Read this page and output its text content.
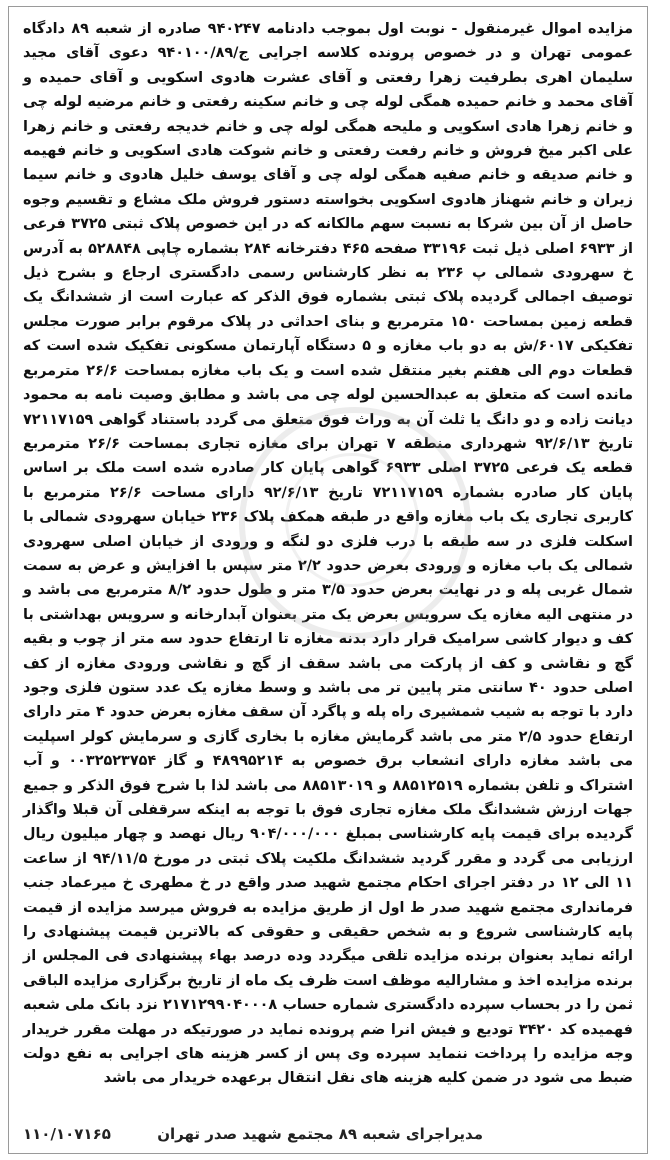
مزایده اموال غیرمنقول - نوبت اول بموجب دادنامه ۹۴۰۲۴۷ صادره از شعبه ۸۹ دادگاه عمومی تهران و در خصوص پرونده کلاسه اجرایی ج/۹۴۰۱۰۰/۸۹ دعوی آقای مجید سلیمان اهری بطرفیت زهرا رفعتی و آقای عشرت هادوی اسکویی و آقای حمیده و آقای محمد و خانم حمیده همگی لوله چی و خانم سکینه رفعتی و خانم مرضیه لوله چی و خانم زهرا هادی اسکویی و ملیحه همگی لوله چی و خانم خدیجه رفعتی و خانم زهرا علی اکبر میخ فروش و خانم رفعت رفعتی و خانم شوکت هادی اسکویی و خانم فهیمه و خانم صدیقه و خانم صفیه همگی لوله چی و آقای یوسف خلیل هادوی و خانم سیما زیران و خانم شهناز هادوی اسکویی بخواسته دستور فروش ملک مشاع و تقسیم وجوه حاصل از آن بین شرکا به نسبت سهم مالکانه که در این خصوص پلاک ثبتی ۳۷۲۵ فرعی از ۶۹۳۳ اصلی ذیل ثبت ۳۳۱۹۶ صفحه ۴۶۵ دفترخانه ۲۸۴ بشماره چاپی ۵۲۸۸۴۸ به آدرس خ سهرودی شمالی پ ۲۳۶ به نظر کارشناس رسمی دادگستری ارجاع و بشرح ذیل توصیف اجمالی گردیده پلاک ثبتی بشماره فوق الذکر که عبارت است از ششدانگ یک قطعه زمین بمساحت ۱۵۰ مترمربع و بنای احداثی در پلاک مرقوم برابر صورت مجلس تفکیکی ۶۰۱۷/ش به دو باب مغازه و ۵ دستگاه آپارتمان مسکونی تفکیک شده است که قطعات دوم الی هفتم بغیر منتقل شده است و یک باب مغازه بمساحت ۲۶/۶ مترمربع مانده است که متعلق به عبدالحسین لوله چی می باشد و مطابق وصیت نامه به محمود دیانت زاده و دو دانگ یا ثلث آن به وراث فوق متعلق می گردد باستناد گواهی ۷۲۱۱۷۱۵۹ تاریخ ۹۲/۶/۱۳ شهرداری منطقه ۷ تهران برای مغازه تجاری بمساحت ۲۶/۶ مترمربع قطعه یک فرعی ۳۷۲۵ اصلی ۶۹۳۳ گواهی پایان کار صادره شده است ملک بر اساس پایان کار صادره بشماره ۷۲۱۱۷۱۵۹ تاریخ ۹۲/۶/۱۳ دارای مساحت ۲۶/۶ مترمربع با کاربری تجاری یک باب مغازه واقع در طبقه همکف پلاک ۲۳۶ خیابان سهرودی شمالی با اسکلت فلزی در سه طبقه با درب فلزی دو لنگه و ورودی از خیابان اصلی سهرودی شمالی یک باب مغازه و ورودی بعرض حدود ۲/۲ متر سپس با افزایش و عرض به سمت شمال غربی پله و در نهایت بعرض حدود ۳/۵ متر و طول حدود ۸/۲ مترمربع می باشد و در منتهی الیه مغازه یک سرویس بعرض یک متر بعنوان آبدارخانه و سرویس بهداشتی با کف و دیوار کاشی سرامیک قرار دارد بدنه مغازه تا ارتفاع حدود سه متر از چوب و بقیه گچ و نقاشی و کف از پارکت می باشد سقف از گچ و نقاشی ورودی مغازه از کف اصلی حدود ۴۰ سانتی متر پایین تر می باشد و وسط مغازه یک عدد ستون فلزی وجود دارد با توجه به شیب شمشیری راه پله و پاگرد آن سقف مغازه بعرض حدود ۴ متر دارای ارتفاع حدود ۲/۵ متر می باشد گرمایش مغازه با بخاری گازی و سرمایش کولر اسپلیت می باشد مغازه دارای انشعاب برق خصوص به ۴۸۹۹۵۲۱۴ و گاز ۰۰۳۲۵۲۳۷۵۴ و آب اشتراک و تلفن بشماره ۸۸۵۱۲۵۱۹ و ۸۸۵۱۳۰۱۹ می باشد لذا با شرح فوق الذکر و جمیع جهات ارزش ششدانگ ملک مغازه تجاری فوق با توجه به اینکه سرقفلی آن قبلا واگذار گردیده برای قیمت پایه کارشناسی بمبلغ ۹۰۴/۰۰۰/۰۰۰ ریال نهصد و چهار میلیون ریال ارزیابی می گردد و مقرر گردید ششدانگ ملکیت پلاک ثبتی در مورخ ۹۴/۱۱/۵ از ساعت ۱۱ الی ۱۲ در دفتر اجرای احکام مجتمع شهید صدر واقع در خ مطهری خ میرعماد جنب فرمانداری مجتمع شهید صدر ط اول از طریق مزایده به فروش میرسد مزایده از قیمت پایه کارشناسی شروع و به شخص حقیقی و حقوقی که بالاترین قیمت پیشنهادی را ارائه نماید بعنوان برنده مزایده تلقی میگردد وده درصد بهاء پیشنهادی فی المجلس از برنده مزایده اخذ و مشارالیه موظف است ظرف یک ماه از تاریخ برگزاری مزایده الباقی ثمن را در بحساب سپرده دادگستری شماره حساب ۲۱۷۱۲۹۹۰۴۰۰۰۸ نزد بانک ملی شعبه فهمیده کد ۳۴۲۰ تودیع و فیش انرا ضم پرونده نماید در صورتیکه در مهلت مقرر خریدار وجه مزایده را پرداخت ننماید سپرده وی پس از کسر هزینه های اجرایی به نفع دولت ضبط می شود در ضمن کلیه هزینه های نقل انتقال برعهده خریدار می باشد

مدیراجرای شعبه ۸۹ مجتمع شهید صدر تهران
۱۱۰/۱۰۷۱۶۵
